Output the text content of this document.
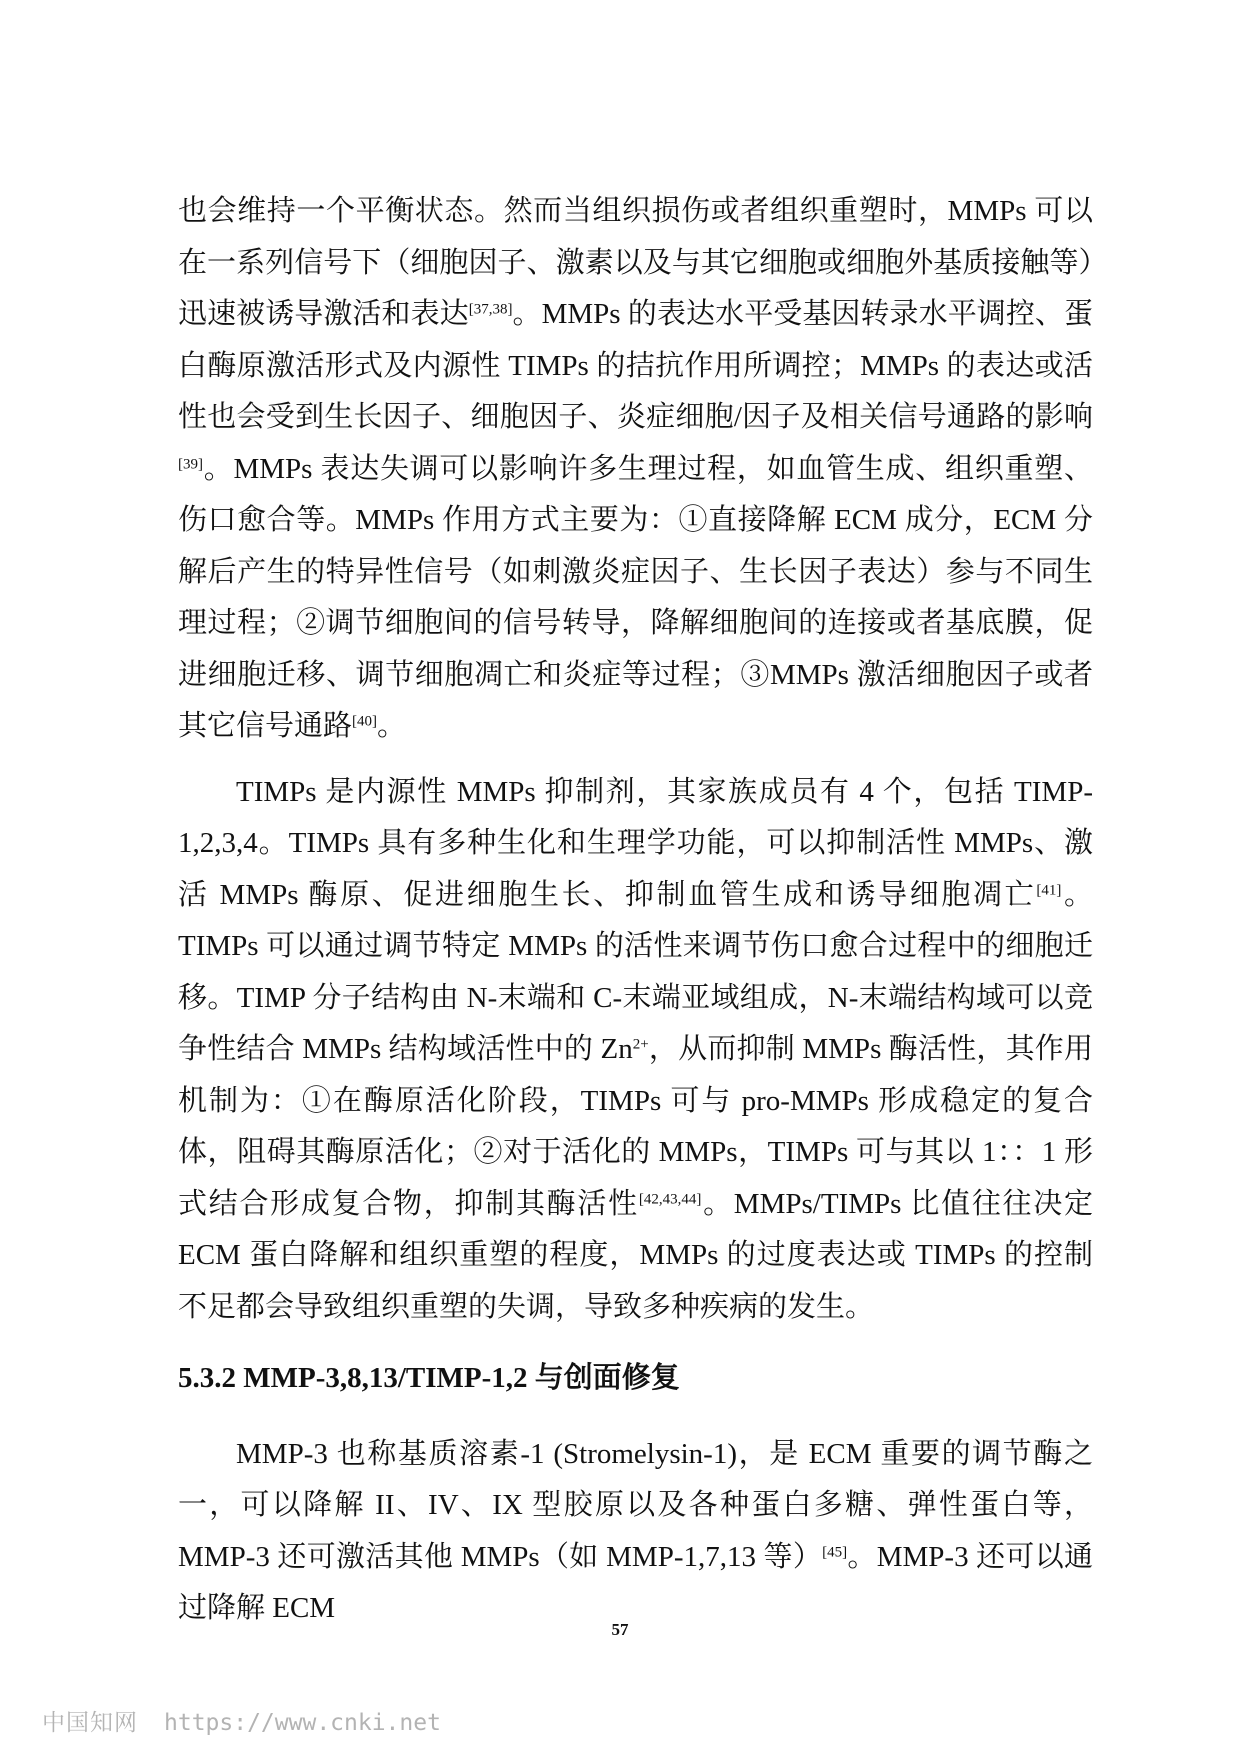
也会维持一个平衡状态。然而当组织损伤或者组织重塑时，MMPs 可以在一系列信号下（细胞因子、激素以及与其它细胞或细胞外基质接触等）迅速被诱导激活和表达[37,38]。MMPs 的表达水平受基因转录水平调控、蛋白酶原激活形式及内源性 TIMPs 的拮抗作用所调控；MMPs 的表达或活性也会受到生长因子、细胞因子、炎症细胞/因子及相关信号通路的影响[39]。MMPs 表达失调可以影响许多生理过程，如血管生成、组织重塑、伤口愈合等。MMPs 作用方式主要为：①直接降解 ECM 成分，ECM 分解后产生的特异性信号（如刺激炎症因子、生长因子表达）参与不同生理过程；②调节细胞间的信号转导，降解细胞间的连接或者基底膜，促进细胞迁移、调节细胞凋亡和炎症等过程；③MMPs 激活细胞因子或者其它信号通路[40]。

TIMPs 是内源性 MMPs 抑制剂，其家族成员有 4 个，包括 TIMP-1,2,3,4。TIMPs 具有多种生化和生理学功能，可以抑制活性 MMPs、激活 MMPs 酶原、促进细胞生长、抑制血管生成和诱导细胞凋亡[41]。TIMPs 可以通过调节特定 MMPs 的活性来调节伤口愈合过程中的细胞迁移。TIMP 分子结构由 N-末端和 C-末端亚域组成，N-末端结构域可以竞争性结合 MMPs 结构域活性中的 $Zn^{2+}$，从而抑制 MMPs 酶活性，其作用机制为：①在酶原活化阶段，TIMPs 可与 pro-MMPs 形成稳定的复合体，阻碍其酶原活化；②对于活化的 MMPs，TIMPs 可与其以 1：：1 形式结合形成复合物，抑制其酶活性[42,43,44]。MMPs/TIMPs 比值往往决定 ECM 蛋白降解和组织重塑的程度，MMPs 的过度表达或 TIMPs 的控制不足都会导致组织重塑的失调，导致多种疾病的发生。

5.3.2 MMP-3,8,13/TIMP-1,2 与创面修复

MMP-3 也称基质溶素-1 (Stromelysin-1)，是 ECM 重要的调节酶之一，可以降解 II、IV、IX 型胶原以及各种蛋白多糖、弹性蛋白等，MMP-3 还可激活其他 MMPs（如 MMP-1,7,13 等）[45]。MMP-3 还可以通过降解 ECM

57
中国知网 https://www.cnki.net
